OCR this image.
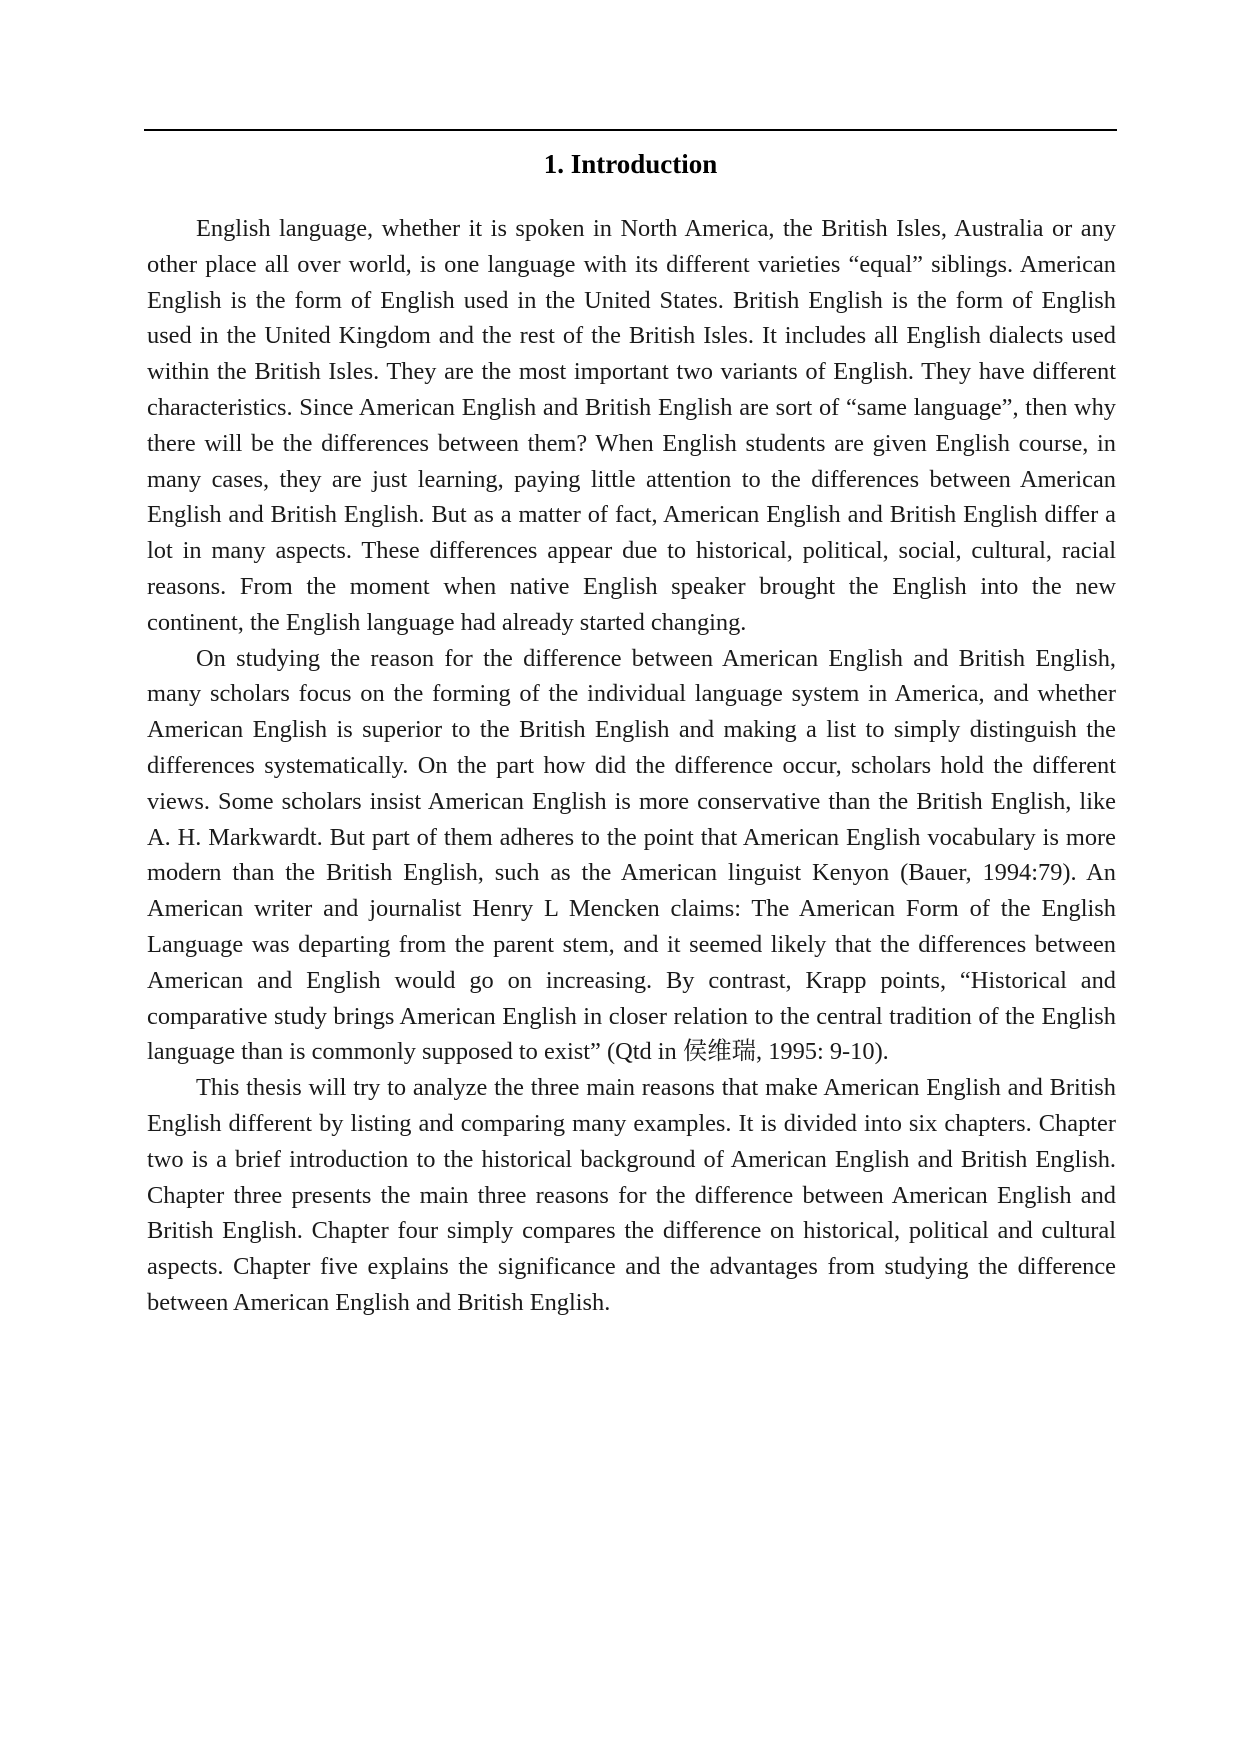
1. Introduction

English language, whether it is spoken in North America, the British Isles, Australia or any other place all over world, is one language with its different varieties “equal” siblings. American English is the form of English used in the United States. British English is the form of English used in the United Kingdom and the rest of the British Isles. It includes all English dialects used within the British Isles. They are the most important two variants of English. They have different characteristics. Since American English and British English are sort of “same language”, then why there will be the differences between them? When English students are given English course, in many cases, they are just learning, paying little attention to the differences between American English and British English. But as a matter of fact, American English and British English differ a lot in many aspects. These differences appear due to historical, political, social, cultural, racial reasons. From the moment when native English speaker brought the English into the new continent, the English language had already started changing.

On studying the reason for the difference between American English and British English, many scholars focus on the forming of the individual language system in America, and whether American English is superior to the British English and making a list to simply distinguish the differences systematically. On the part how did the difference occur, scholars hold the different views. Some scholars insist American English is more conservative than the British English, like A. H. Markwardt. But part of them adheres to the point that American English vocabulary is more modern than the British English, such as the American linguist Kenyon (Bauer, 1994:79). An American writer and journalist Henry L Mencken claims: The American Form of the English Language was departing from the parent stem, and it seemed likely that the differences between American and English would go on increasing. By contrast, Krapp points, “Historical and comparative study brings American English in closer relation to the central tradition of the English language than is commonly supposed to exist” (Qtd in 侯维瑞, 1995: 9-10).

This thesis will try to analyze the three main reasons that make American English and British English different by listing and comparing many examples. It is divided into six chapters. Chapter two is a brief introduction to the historical background of American English and British English. Chapter three presents the main three reasons for the difference between American English and British English. Chapter four simply compares the difference on historical, political and cultural aspects. Chapter five explains the significance and the advantages from studying the difference between American English and British English.
